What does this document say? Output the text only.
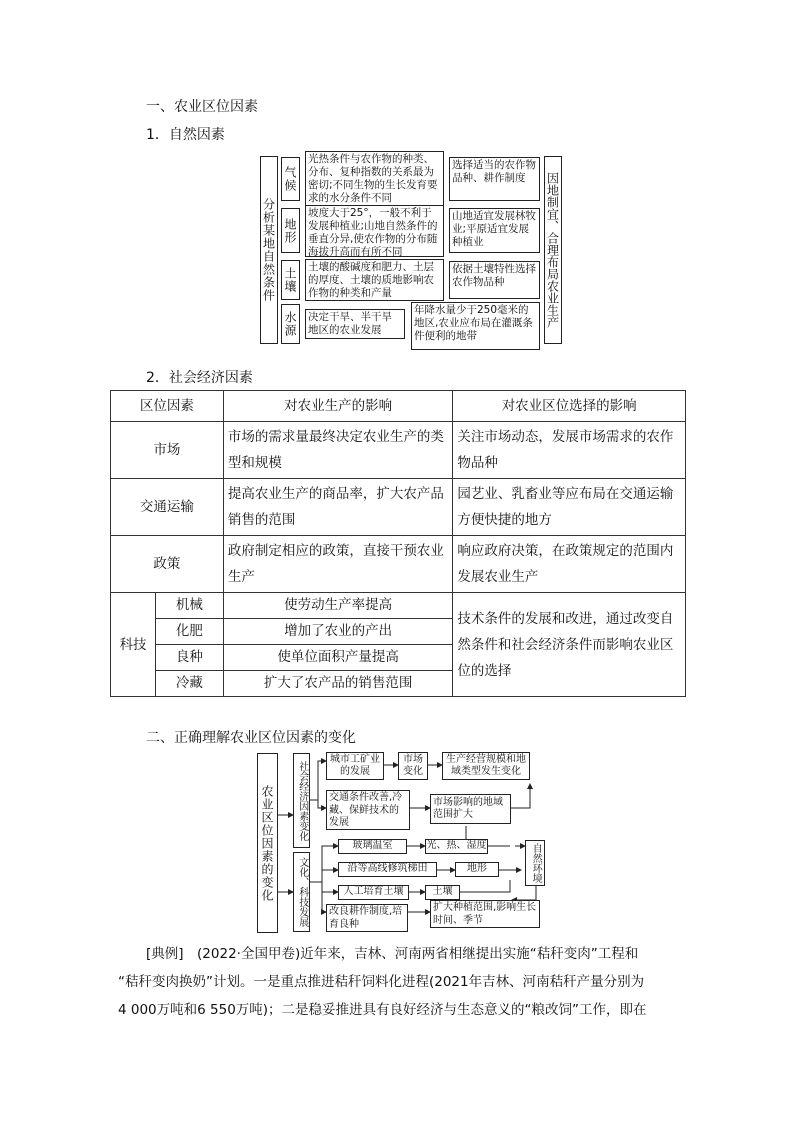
一、农业区位因素
1．自然因素
分析某地自然条件
气候
光热条件与农作物的种类、分布、复种指数的关系最为密切;不同生物的生长发育要求的水分条件不同
选择适当的农作物品种、耕作制度
地形
坡度大于25°，一般不利于发展种植业;山地自然条件的垂直分异,使农作物的分布随海拔升高而有所不同
山地适宜发展林牧业;平原适宜发展种植业
土壤 土壤的酸碱度和肥力、土层的厚度、土壤的质地影响农作物的种类和产量
依据土壤特性选择农作物品种
水源 决定干旱、半干旱地区的农业发展
年降水量少于250毫米的地区,农业应布局在灌溉条件便利的地带
因地制宜、合理布局农业生产
2．社会经济因素
区位因素		对农业生产的影响	对农业区位选择的影响
市场		市场的需求量最终决定农业生产的类型和规模	关注市场动态，发展市场需求的农作物品种
交通运输		提高农业生产的商品率，扩大农产品销售的范围	园艺业、乳畜业等应布局在交通运输方便快捷的地方
政策		政府制定相应的政策，直接干预农业生产	响应政府决策，在政策规定的范围内发展农业生产
科技	机械	使劳动生产率提高	技术条件的发展和改进，通过改变自然条件和社会经济条件而影响农业区位的选择
	化肥	增加了农业的产出	
	良种	使单位面积产量提高	
	冷藏	扩大了农产品的销售范围	
二、正确理解农业区位因素的变化
农业区位因素的变化 社会经济因素变化
文化、科技发展
城市工矿业的发展
市场变化
生产经营规模和地域类型发生变化
交通条件改善,冷藏、保鲜技术的发展
市场影响的地域范围扩大
玻璃温室	光、热、湿度
沿等高线修筑梯田	地形
人工培育土壤	土壤
自然环境
改良耕作制度,培育良种
扩大种植范围,影响生长时间、季节
[典例]　(2022·全国甲卷)近年来，吉林、河南两省相继提出实施“秸秆变肉”工程和
“秸秆变肉换奶”计划。一是重点推进秸秆饲料化进程(2021年吉林、河南秸秆产量分别为
4 000万吨和6 550万吨)；二是稳妥推进具有良好经济与生态意义的“粮改饲”工作，即在
